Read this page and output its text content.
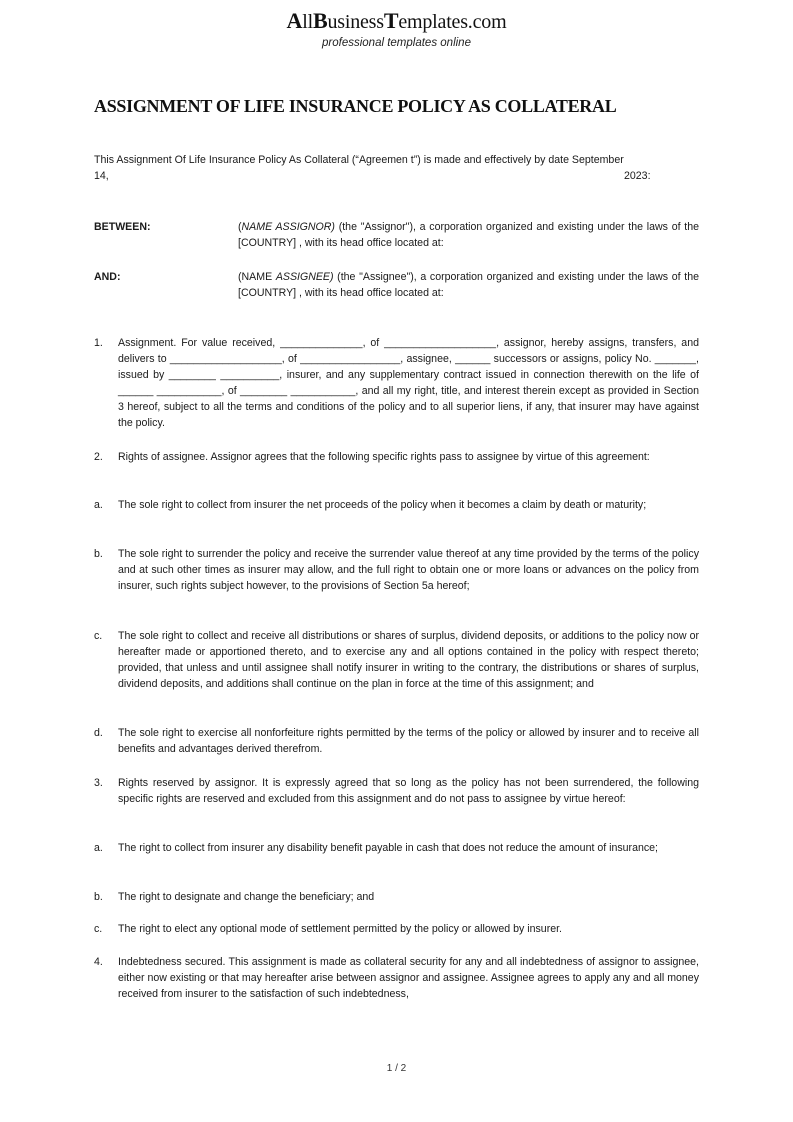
AllBusinessTemplates.com
professional templates online
ASSIGNMENT OF LIFE INSURANCE POLICY AS COLLATERAL
This Assignment Of Life Insurance Policy As Collateral (“Agreemen t”) is made and effectively by date September
14,	2023:
BETWEEN:	(NAME ASSIGNOR) (the "Assignor"), a corporation organized and existing under the laws of the [COUNTRY] , with its head office located at:
AND:	(NAME ASSIGNEE) (the "Assignee"), a corporation organized and existing under the laws of the [COUNTRY] , with its head office located at:
1.	Assignment. For value received, ______________, of ___________________, assignor, hereby assigns, transfers, and delivers to ___________________, of _________________, assignee, ______ successors or assigns, policy No. _______, issued by ________ __________, insurer, and any supplementary contract issued in connection therewith on the life of ______ ___________, of ________ ___________, and all my right, title, and interest therein except as provided in Section 3 hereof, subject to all the terms and conditions of the policy and to all superior liens, if any, that insurer may have against the policy.
2.	Rights of assignee. Assignor agrees that the following specific rights pass to assignee by virtue of this agreement:
a.	The sole right to collect from insurer the net proceeds of the policy when it becomes a claim by death or maturity;
b.	The sole right to surrender the policy and receive the surrender value thereof at any time provided by the terms of the policy and at such other times as insurer may allow, and the full right to obtain one or more loans or advances on the policy from insurer, such rights subject however, to the provisions of Section 5a hereof;
c.	The sole right to collect and receive all distributions or shares of surplus, dividend deposits, or additions to the policy now or hereafter made or apportioned thereto, and to exercise any and all options contained in the policy with respect thereto; provided, that unless and until assignee shall notify insurer in writing to the contrary, the distributions or shares of surplus, dividend deposits, and additions shall continue on the plan in force at the time of this assignment; and
d.	The sole right to exercise all nonforfeiture rights permitted by the terms of the policy or allowed by insurer and to receive all benefits and advantages derived therefrom.
3.	Rights reserved by assignor. It is expressly agreed that so long as the policy has not been surrendered, the following specific rights are reserved and excluded from this assignment and do not pass to assignee by virtue hereof:
a.	The right to collect from insurer any disability benefit payable in cash that does not reduce the amount of insurance;
b.	The right to designate and change the beneficiary; and
c.	The right to elect any optional mode of settlement permitted by the policy or allowed by insurer.
4.	Indebtedness secured. This assignment is made as collateral security for any and all indebtedness of assignor to assignee, either now existing or that may hereafter arise between assignor and assignee. Assignee agrees to apply any and all money received from insurer to the satisfaction of such indebtedness,
1 / 2
